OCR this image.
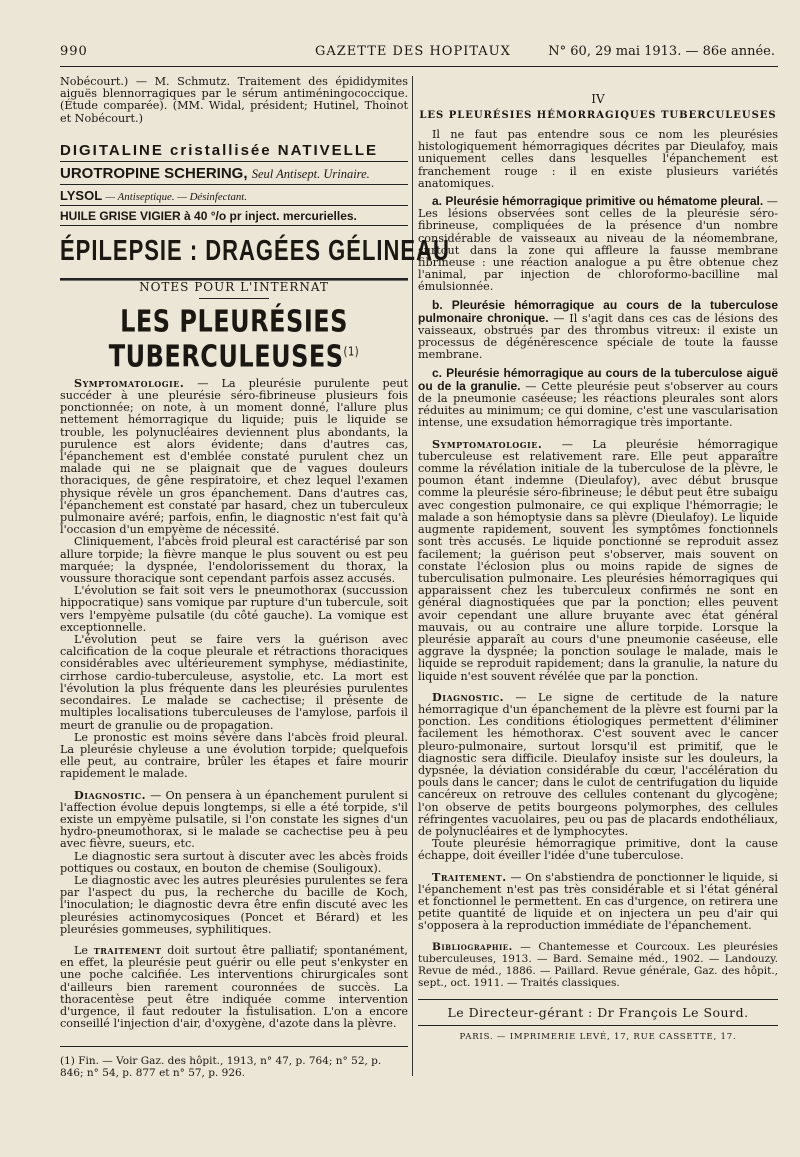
990	GAZETTE DES HOPITAUX	N° 60, 29 mai 1913. — 86e année.

Nobécourt.) — M. Schmutz. Traitement des épididymites aiguës blennorragiques par le sérum antiméningococcique. (Étude comparée). (MM. Widal, président; Hutinel, Thoinot et Nobécourt.)

DIGITALINE cristallisée NATIVELLE
UROTROPINE SCHERING, Seul Antisept. Urinaire.
LYSOL — Antiseptique. — Désinfectant.
HUILE GRISE VIGIER à 40 °/o pr inject. mercurielles.
ÉPILEPSIE : DRAGÉES GÉLINEAU
NOTES POUR L'INTERNAT
LES PLEURÉSIES TUBERCULEUSES$^{(1)}$

Symptomatologie. — La pleurésie purulente peut succéder à une pleurésie séro-fibrineuse plusieurs fois ponctionnée; on note, à un moment donné, l'allure plus nettement hémorragique du liquide; puis le liquide se trouble, les polynucléaires deviennent plus abondants, la purulence est alors évidente; dans d'autres cas, l'épanchement est d'emblée constaté purulent chez un malade qui ne se plaignait que de vagues douleurs thoraciques, de gêne respiratoire, et chez lequel l'examen physique révèle un gros épanchement. Dans d'autres cas, l'épanchement est constaté par hasard, chez un tuberculeux pulmonaire avéré; parfois, enfin, le diagnostic n'est fait qu'à l'occasion d'un empyème de nécessité.

Cliniquement, l'abcès froid pleural est caractérisé par son allure torpide; la fièvre manque le plus souvent ou est peu marquée; la dyspnée, l'endolorissement du thorax, la voussure thoracique sont cependant parfois assez accusés.

L'évolution se fait soit vers le pneumothorax (succussion hippocratique) sans vomique par rupture d'un tubercule, soit vers l'empyème pulsatile (du côté gauche). La vomique est exceptionnelle.

L'évolution peut se faire vers la guérison avec calcification de la coque pleurale et rétractions thoraciques considérables avec ultérieurement symphyse, médiastinite, cirrhose cardio-tuberculeuse, asystolie, etc. La mort est l'évolution la plus fréquente dans les pleurésies purulentes secondaires. Le malade se cachectise; il présente de multiples localisations tuberculeuses de l'amylose, parfois il meurt de granulie ou de propagation.

Le pronostic est moins sévère dans l'abcès froid pleural. La pleurésie chyleuse a une évolution torpide; quelquefois elle peut, au contraire, brûler les étapes et faire mourir rapidement le malade.

Diagnostic. — On pensera à un épanchement purulent si l'affection évolue depuis longtemps, si elle a été torpide, s'il existe un empyème pulsatile, si l'on constate les signes d'un hydro-pneumothorax, si le malade se cachectise peu à peu avec fièvre, sueurs, etc.

Le diagnostic sera surtout à discuter avec les abcès froids pottiques ou costaux, en bouton de chemise (Souligoux).

Le diagnostic avec les autres pleurésies purulentes se fera par l'aspect du pus, la recherche du bacille de Koch, l'inoculation; le diagnostic devra être enfin discuté avec les pleurésies actinomycosiques (Poncet et Bérard) et les pleurésies gommeuses, syphilitiques.

Le traitement doit surtout être palliatif; spontanément, en effet, la pleurésie peut guérir ou elle peut s'enkyster en une poche calcifiée. Les interventions chirurgicales sont d'ailleurs bien rarement couronnées de succès. La thoracentèse peut être indiquée comme intervention d'urgence, il faut redouter la fistulisation. L'on a encore conseillé l'injection d'air, d'oxygène, d'azote dans la plèvre.

(1) Fin. — Voir Gaz. des hôpit., 1913, n° 47, p. 764; n° 52, p. 846; n° 54, p. 877 et n° 57, p. 926.
IV
LES PLEURÉSIES HÉMORRAGIQUES TUBERCULEUSES

Il ne faut pas entendre sous ce nom les pleurésies histologiquement hémorragiques décrites par Dieulafoy, mais uniquement celles dans lesquelles l'épanchement est franchement rouge : il en existe plusieurs variétés anatomiques.

a. Pleurésie hémorragique primitive ou hématome pleural. — Les lésions observées sont celles de la pleurésie séro-fibrineuse, compliquées de la présence d'un nombre considérable de vaisseaux au niveau de la néomembrane, surtout dans la zone qui affleure la fausse membrane fibrineuse : une réaction analogue a pu être obtenue chez l'animal, par injection de chloroformo-bacilline mal émulsionnée.

b. Pleurésie hémorragique au cours de la tuberculose pulmonaire chronique. — Il s'agit dans ces cas de lésions des vaisseaux, obstrués par des thrombus vitreux: il existe un processus de dégénérescence spéciale de toute la fausse membrane.

c. Pleurésie hémorragique au cours de la tuberculose aiguë ou de la granulie. — Cette pleurésie peut s'observer au cours de la pneumonie caséeuse; les réactions pleurales sont alors réduites au minimum; ce qui domine, c'est une vascularisation intense, une exsudation hémorragique très importante.

Symptomatologie. — La pleurésie hémorragique tuberculeuse est relativement rare. Elle peut apparaître comme la révélation initiale de la tuberculose de la plèvre, le poumon étant indemne (Dieulafoy), avec début brusque comme la pleurésie séro-fibrineuse; le début peut être subaigu avec congestion pulmonaire, ce qui explique l'hémorragie; le malade a son hémoptysie dans sa plèvre (Dieulafoy). Le liquide augmente rapidement, souvent les symptômes fonctionnels sont très accusés. Le liquide ponctionné se reproduit assez facilement; la guérison peut s'observer, mais souvent on constate l'éclosion plus ou moins rapide de signes de tuberculisation pulmonaire. Les pleurésies hémorragiques qui apparaissent chez les tuberculeux confirmés ne sont en général diagnostiquées que par la ponction; elles peuvent avoir cependant une allure bruyante avec état général mauvais, ou au contraire une allure torpide. Lorsque la pleurésie apparaît au cours d'une pneumonie caséeuse, elle aggrave la dyspnée; la ponction soulage le malade, mais le liquide se reproduit rapidement; dans la granulie, la nature du liquide n'est souvent révélée que par la ponction.

Diagnostic. — Le signe de certitude de la nature hémorragique d'un épanchement de la plèvre est fourni par la ponction. Les conditions étiologiques permettent d'éliminer facilement les hémothorax. C'est souvent avec le cancer pleuro-pulmonaire, surtout lorsqu'il est primitif, que le diagnostic sera difficile. Dieulafoy insiste sur les douleurs, la dypsnée, la déviation considérable du cœur, l'accélération du pouls dans le cancer; dans le culot de centrifugation du liquide cancéreux on retrouve des cellules contenant du glycogène; l'on observe de petits bourgeons polymorphes, des cellules réfringentes vacuolaires, peu ou pas de placards endothéliaux, de polynucléaires et de lymphocytes.

Toute pleurésie hémorragique primitive, dont la cause échappe, doit éveiller l'idée d'une tuberculose.

Traitement. — On s'abstiendra de ponctionner le liquide, si l'épanchement n'est pas très considérable et si l'état général et fonctionnel le permettent. En cas d'urgence, on retirera une petite quantité de liquide et on injectera un peu d'air qui s'opposera à la reproduction immédiate de l'épanchement.

Bibliographie. — Chantemesse et Courcoux. Les pleurésies tuberculeuses, 1913. — Bard. Semaine méd., 1902. — Landouzy. Revue de méd., 1886. — Paillard. Revue générale, Gaz. des hôpit., sept., oct. 1911. — Traités classiques.

Le Directeur-gérant : Dr François Le Sourd.
PARIS. — IMPRIMERIE LEVÉ, 17, RUE CASSETTE, 17.
